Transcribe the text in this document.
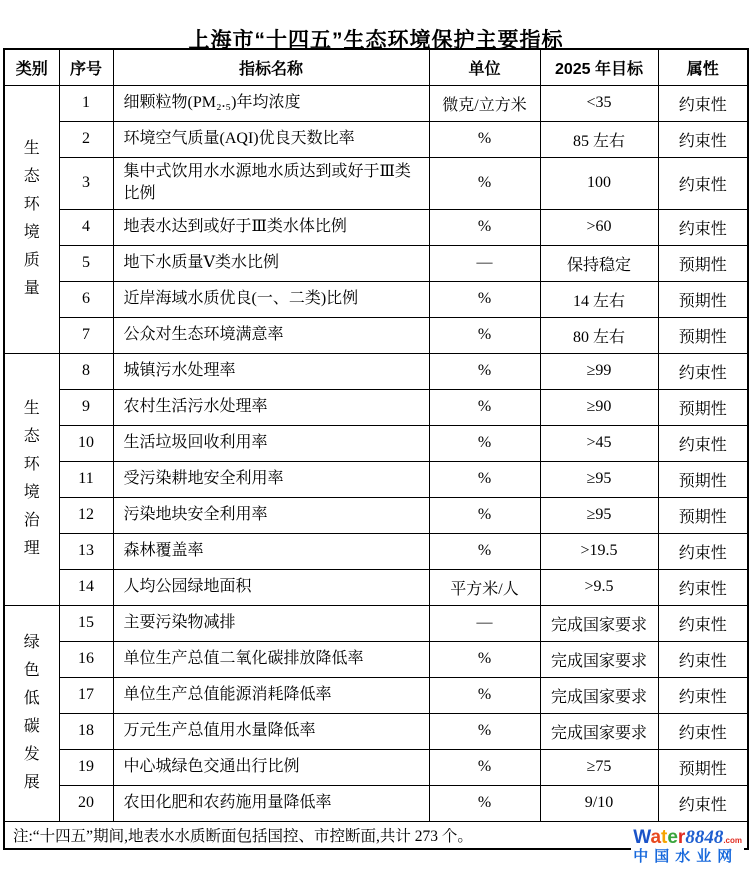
上海市“十四五”生态环境保护主要指标
类别	序号	指标名称	单位	2025 年目标	属性

生态环境质量	1	细颗粒物(PM₂.₅)年均浓度	微克/立方米	<35	约束性
	2	环境空气质量(AQI)优良天数比率	%	85 左右	约束性
	3	集中式饮用水水源地水质达到或好于Ⅲ类比例	%	100	约束性
	4	地表水达到或好于Ⅲ类水体比例	%	>60	约束性
	5	地下水质量Ⅴ类水比例	—	保持稳定	预期性
	6	近岸海域水质优良(一、二类)比例	%	14 左右	预期性
	7	公众对生态环境满意率	%	80 左右	预期性

生态环境治理	8	城镇污水处理率	%	≥99	约束性
	9	农村生活污水处理率	%	≥90	预期性
	10	生活垃圾回收利用率	%	>45	约束性
	11	受污染耕地安全利用率	%	≥95	预期性
	12	污染地块安全利用率	%	≥95	预期性
	13	森林覆盖率	%	>19.5	约束性
	14	人均公园绿地面积	平方米/人	>9.5	约束性

绿色低碳发展	15	主要污染物减排	—	完成国家要求	约束性
	16	单位生产总值二氧化碳排放降低率	%	完成国家要求	约束性
	17	单位生产总值能源消耗降低率	%	完成国家要求	约束性
	18	万元生产总值用水量降低率	%	完成国家要求	约束性
	19	中心城绿色交通出行比例	%	≥75	预期性
	20	农田化肥和农药施用量降低率	%	9/10	约束性
注:“十四五”期间,地表水水质断面包括国控、市控断面,共计 273 个。						Water8848.com
中国水业网
